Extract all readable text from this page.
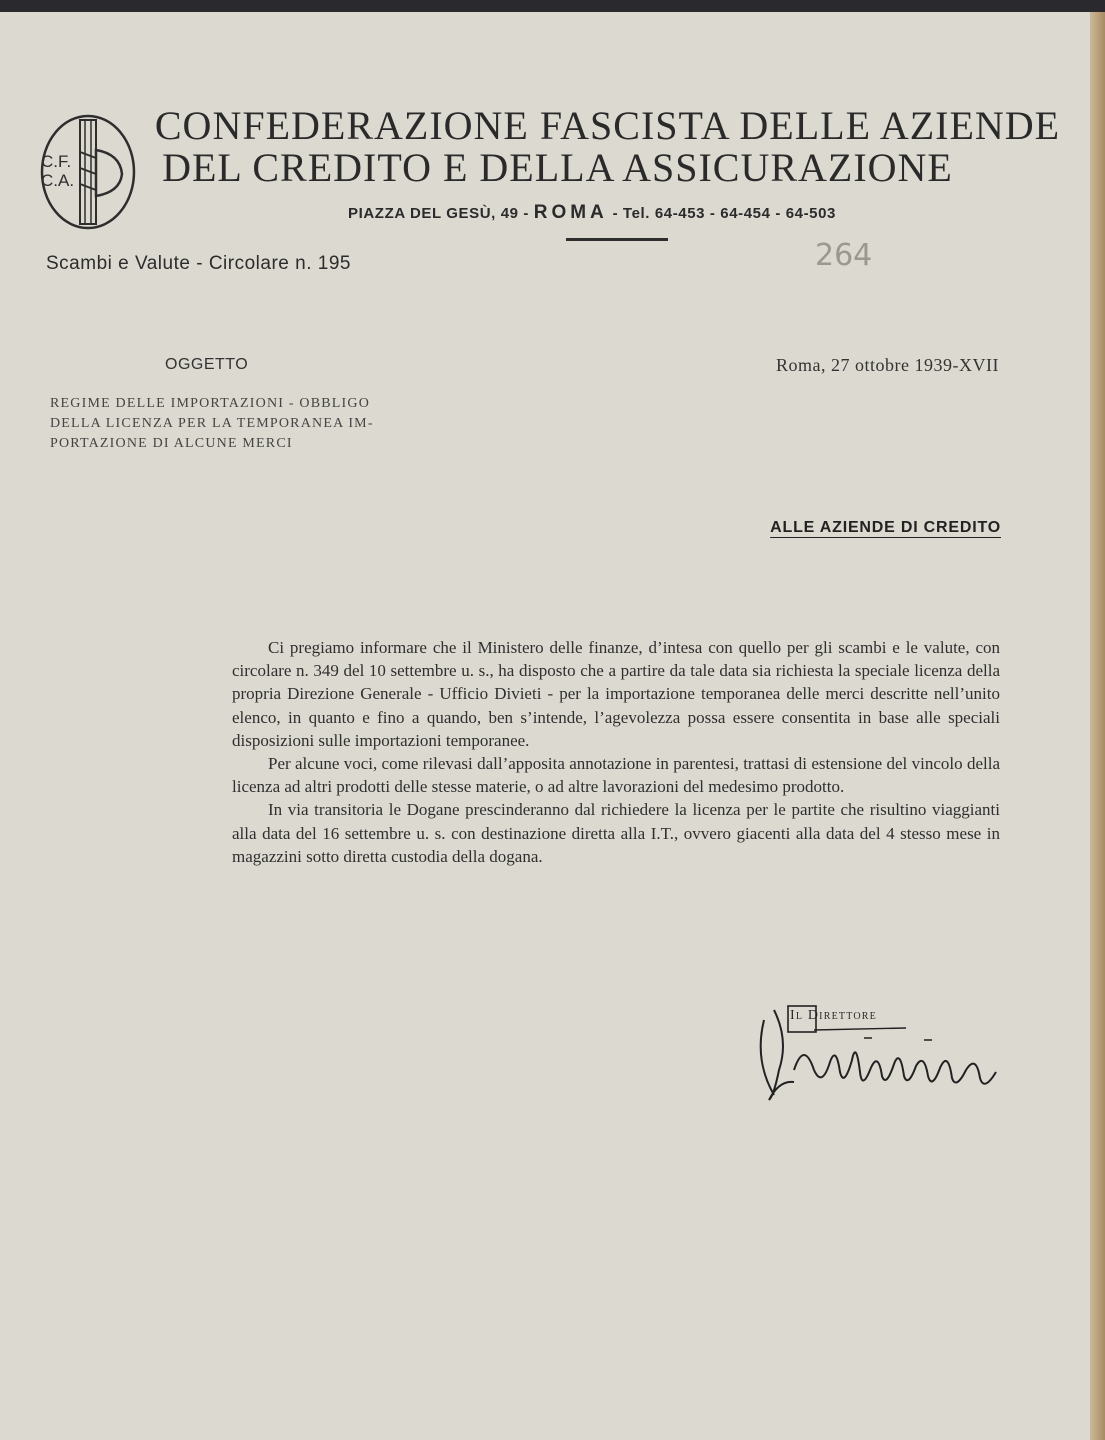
C.F.
C.A.
CONFEDERAZIONE FASCISTA DELLE AZIENDE
DEL CREDITO E DELLA ASSICURAZIONE
PIAZZA DEL GESÙ, 49 - ROMA - Tel. 64-453 - 64-454 - 64-503
Scambi e Valute - Circolare n. 195	264
OGGETTO	Roma, 27 ottobre 1939-XVII
REGIME DELLE IMPORTAZIONI - OBBLIGO
DELLA LICENZA PER LA TEMPORANEA IM-
PORTAZIONE DI ALCUNE MERCI
ALLE AZIENDE DI CREDITO

Ci pregiamo informare che il Ministero delle finanze, d’intesa con quello per gli scambi e le valute, con circolare n. 349 del 10 settembre u. s., ha disposto che a partire da tale data sia richiesta la speciale licenza della propria Direzione Generale - Ufficio Divieti - per la importazione temporanea delle merci descritte nell’unito elenco, in quanto e fino a quando, ben s’intende, l’agevolezza possa essere consentita in base alle speciali disposizioni sulle importazioni temporanee.

Per alcune voci, come rilevasi dall’apposita annotazione in parentesi, trattasi di estensione del vincolo della licenza ad altri prodotti delle stesse materie, o ad altre lavorazioni del medesimo prodotto.

In via transitoria le Dogane prescinderanno dal richiedere la licenza per le partite che risultino viaggianti alla data del 16 settembre u. s. con destinazione diretta alla I.T., ovvero giacenti alla data del 4 stesso mese in magazzini sotto diretta custodia della dogana.

Il Direttore
